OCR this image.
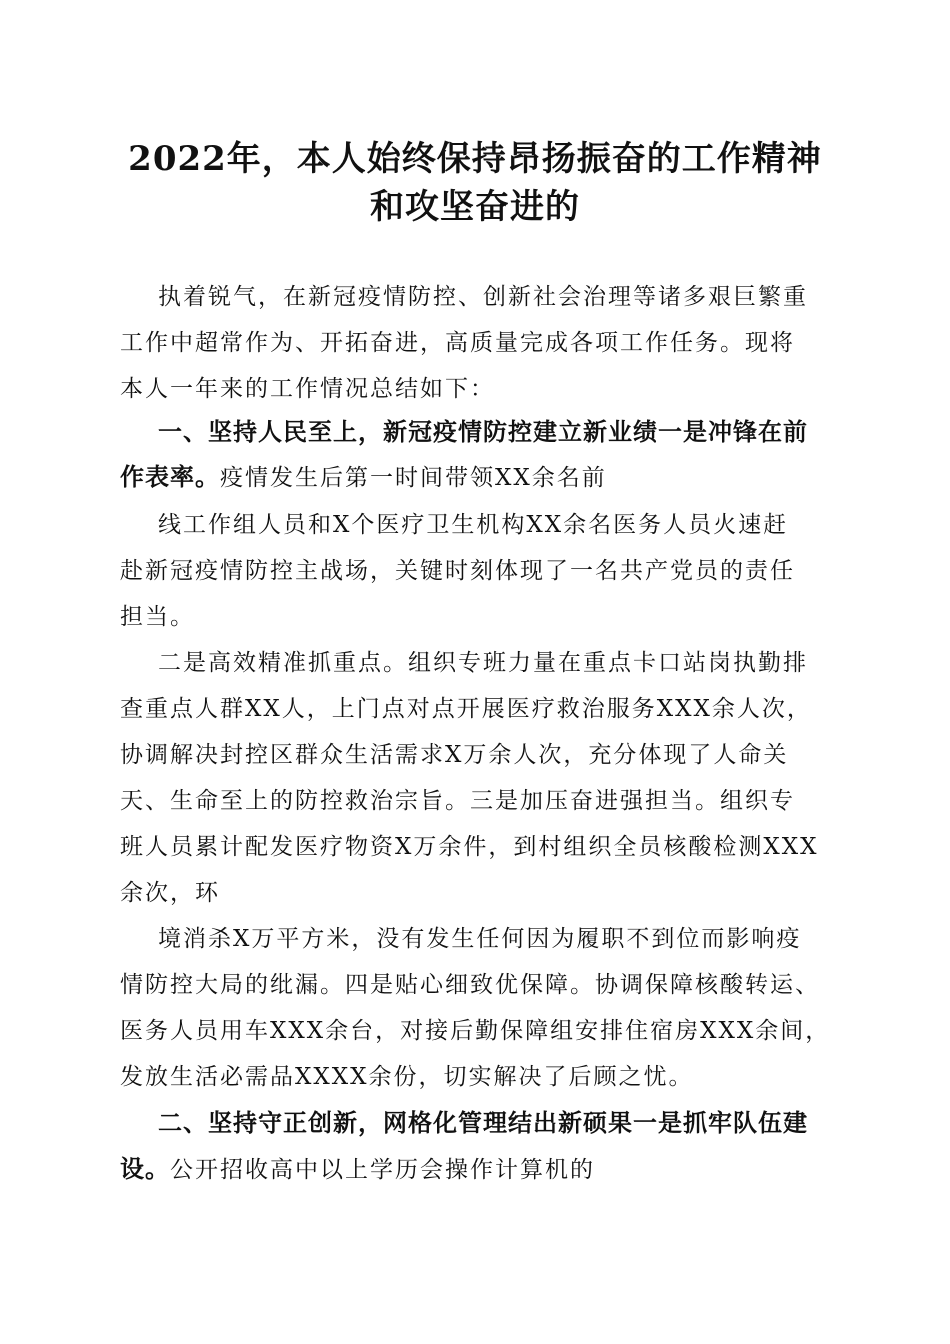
2022年，本人始终保持昂扬振奋的工作精神
和攻坚奋进的
执着锐气，在新冠疫情防控、创新社会治理等诸多艰巨繁重
工作中超常作为、开拓奋进，高质量完成各项工作任务。现将
本人一年来的工作情况总结如下：
一、坚持人民至上，新冠疫情防控建立新业绩一是冲锋在前
作表率。疫情发生后第一时间带领XX余名前
线工作组人员和X个医疗卫生机构XX余名医务人员火速赶
赴新冠疫情防控主战场，关键时刻体现了一名共产党员的责任
担当。
二是高效精准抓重点。组织专班力量在重点卡口站岗执勤排
查重点人群XX人，上门点对点开展医疗救治服务XXX余人次，
协调解决封控区群众生活需求X万余人次，充分体现了人命关
天、生命至上的防控救治宗旨。三是加压奋进强担当。组织专
班人员累计配发医疗物资X万余件，到村组织全员核酸检测XXX
余次，环
境消杀X万平方米，没有发生任何因为履职不到位而影响疫
情防控大局的纰漏。四是贴心细致优保障。协调保障核酸转运、
医务人员用车XXX余台，对接后勤保障组安排住宿房XXX余间，
发放生活必需品XXXX余份，切实解决了后顾之忧。
二、坚持守正创新，网格化管理结出新硕果一是抓牢队伍建
设。公开招收高中以上学历会操作计算机的
